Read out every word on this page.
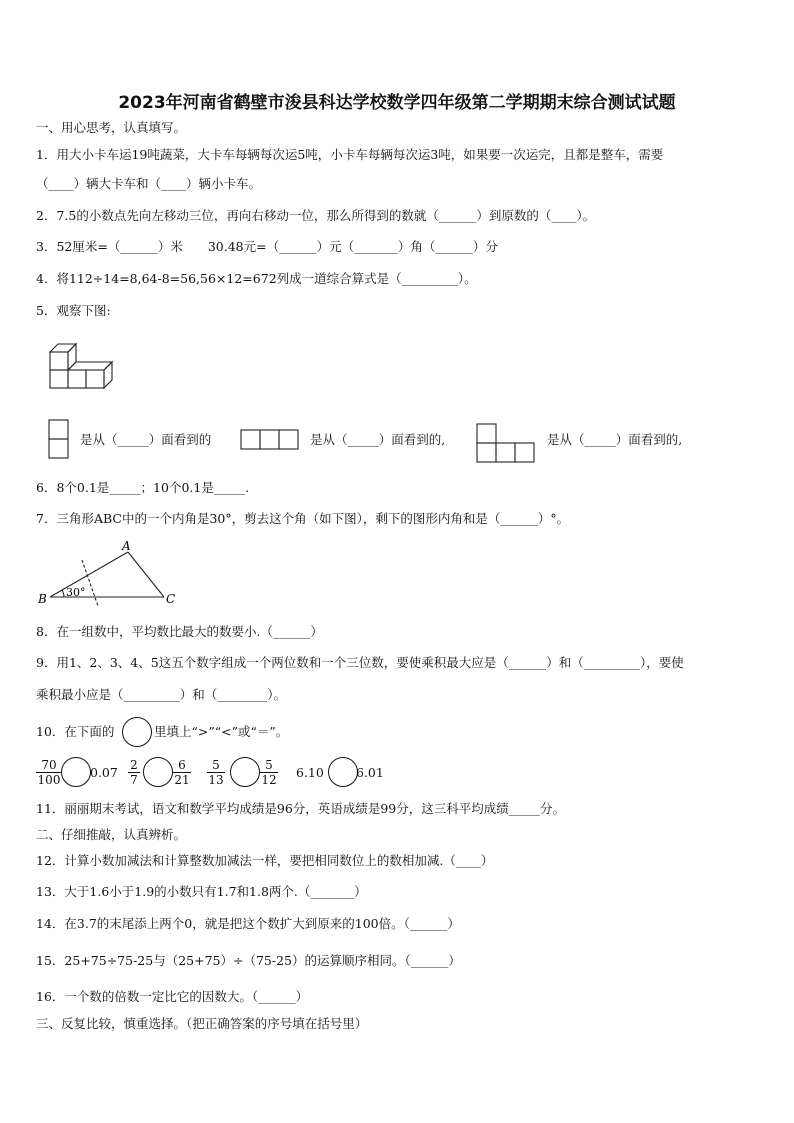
2023年河南省鹤壁市浚县科达学校数学四年级第二学期期末综合测试试题
一、用心思考，认真填写。
1．用大小卡车运19吨蔬菜，大卡车每辆每次运5吨，小卡车每辆每次运3吨，如果要一次运完，且都是整车，需要
（____）辆大卡车和（____）辆小卡车。
2．7.5的小数点先向左移动三位，再向右移动一位，那么所得到的数就（______）到原数的（____）。
3．52厘米=（______）米　　30.48元=（______）元（_______）角（______）分
4．将112÷14=8,64-8=56,56×12=672列成一道综合算式是（_________）。
5．观察下图:
是从（_____）面看到的	是从（_____）面看到的,	是从（_____）面看到的,
6．8个0.1是_____；10个0.1是_____.
7．三角形ABC中的一个内角是30°，剪去这个角（如下图），剩下的图形内角和是（______）°。
A
B	C
30°
8．在一组数中，平均数比最大的数要小.（______）
9．用1、2、3、4、5这五个数字组成一个两位数和一个三位数，要使乘积最大应是（______）和（_________），要使
乘积最小应是（_________）和（________）。
10．在下面的	里填上“>”“<”或“＝”。
$\frac{70}{100} 0.07 \frac{2}{7}$	$\frac{6}{21} \frac{5}{13}$	$\frac{5}{12} 6.10$	6.01
11．丽丽期末考试，语文和数学平均成绩是96分，英语成绩是99分，这三科平均成绩_____分。
二、仔细推敲，认真辨析。
12．计算小数加减法和计算整数加减法一样，要把相同数位上的数相加减.（____）
13．大于1.6小于1.9的小数只有1.7和1.8两个.（_______）
14．在3.7的末尾添上两个0，就是把这个数扩大到原来的100倍。（______）
15．25+75÷75-25与（25+75）÷（75-25）的运算顺序相同。（______）
16．一个数的倍数一定比它的因数大。（______）
三、反复比较，慎重选择。（把正确答案的序号填在括号里）
